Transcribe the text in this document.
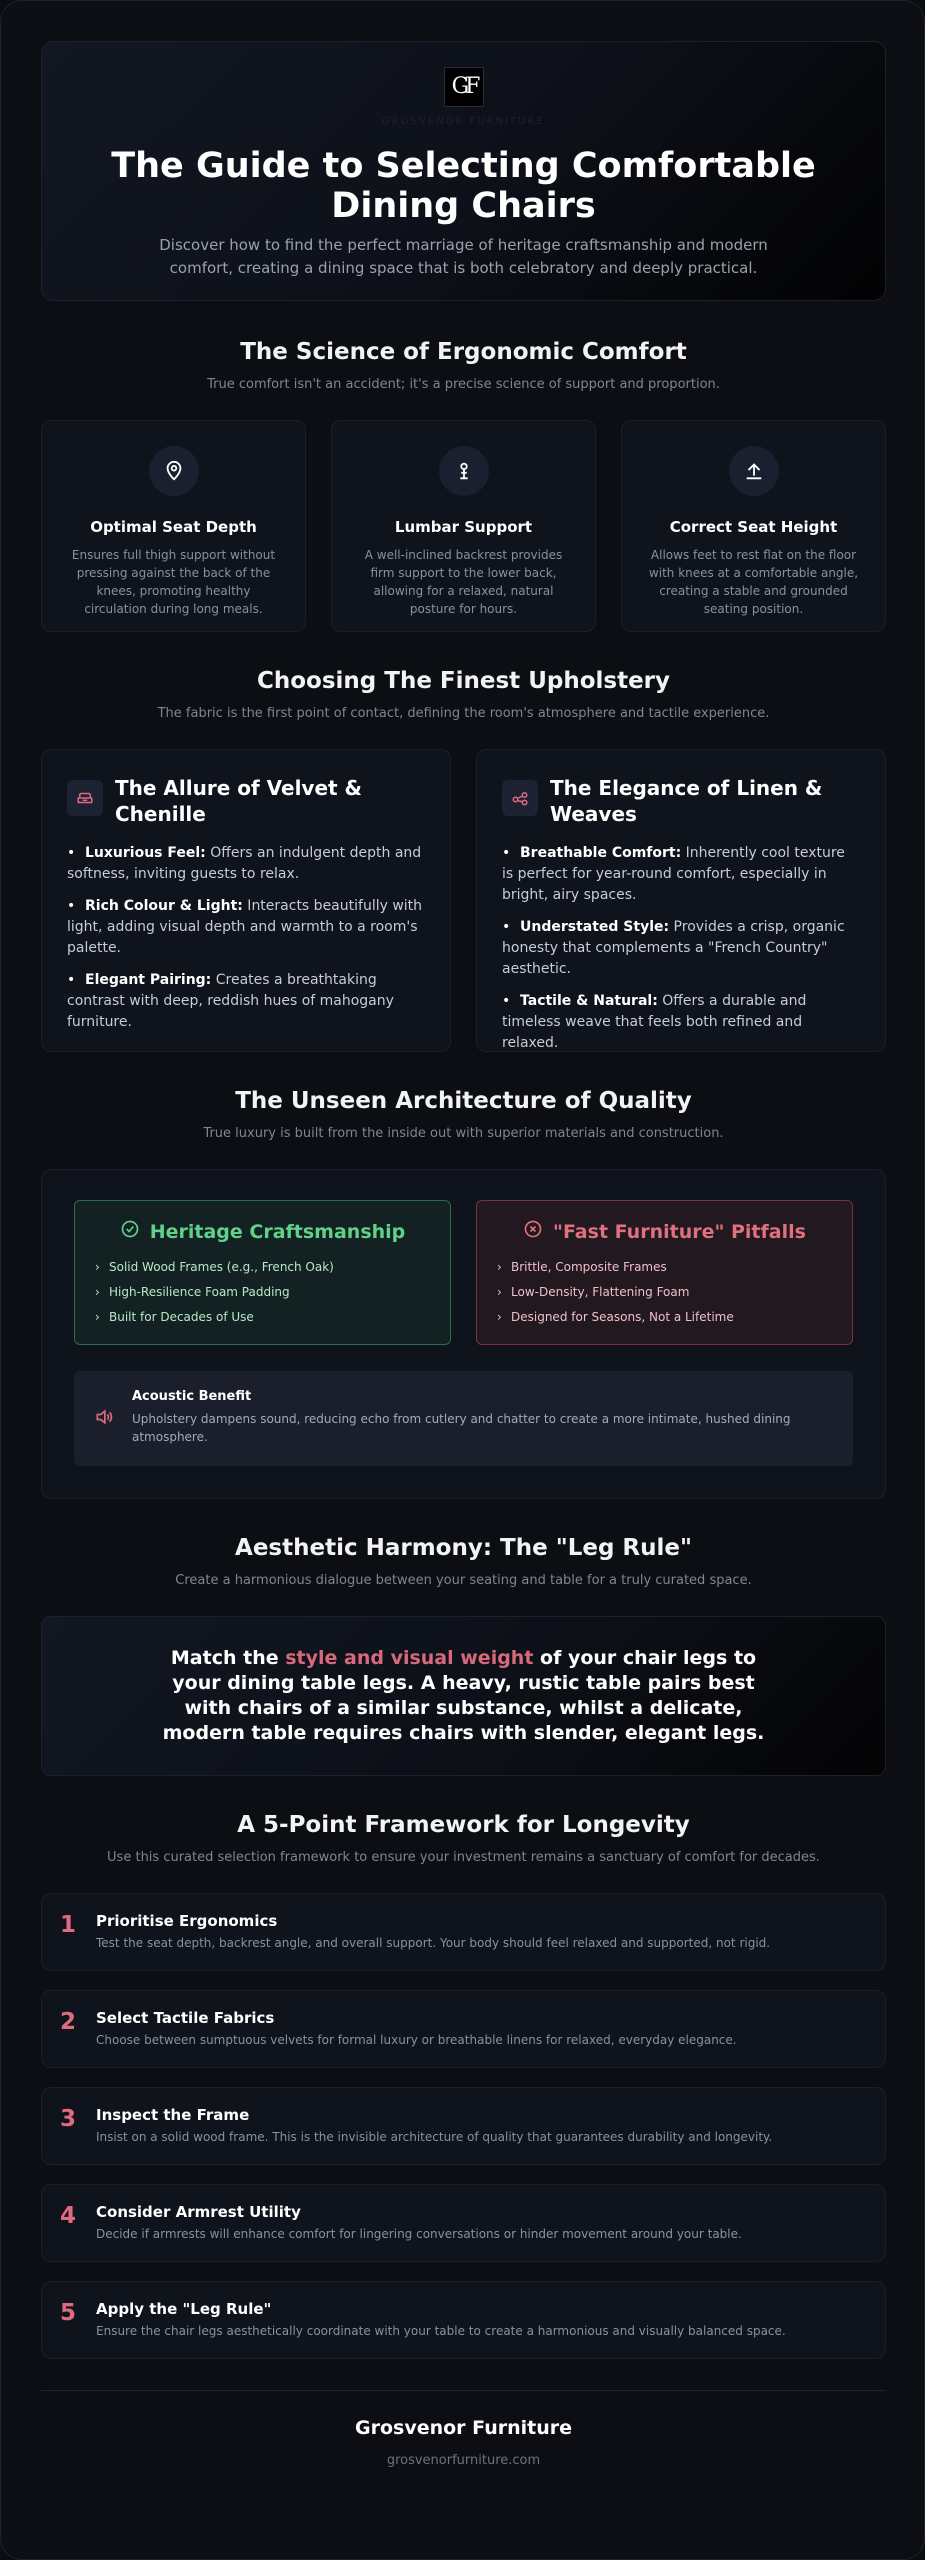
GF
GROSVENOR FURNITURE
The Guide to Selecting Comfortable Dining Chairs

Discover how to find the perfect marriage of heritage craftsmanship and modern comfort, creating a dining space that is both celebratory and deeply practical.

The Science of Ergonomic Comfort

True comfort isn't an accident; it's a precise science of support and proportion.

Optimal Seat Depth

Ensures full thigh support without pressing against the back of the knees, promoting healthy circulation during long meals.

Lumbar Support

A well-inclined backrest provides firm support to the lower back, allowing for a relaxed, natural posture for hours.

Correct Seat Height

Allows feet to rest flat on the floor with knees at a comfortable angle, creating a stable and grounded seating position.

Choosing The Finest Upholstery

The fabric is the first point of contact, defining the room's atmosphere and tactile experience.

The Allure of Velvet & Chenille
• Luxurious Feel: Offers an indulgent depth and softness, inviting guests to relax.
• Rich Colour & Light: Interacts beautifully with light, adding visual depth and warmth to a room's palette.
• Elegant Pairing: Creates a breathtaking contrast with deep, reddish hues of mahogany furniture.
The Elegance of Linen & Weaves
• Breathable Comfort: Inherently cool texture is perfect for year-round comfort, especially in bright, airy spaces.
• Understated Style: Provides a crisp, organic honesty that complements a "French Country" aesthetic.
• Tactile & Natural: Offers a durable and timeless weave that feels both refined and relaxed.
The Unseen Architecture of Quality

True luxury is built from the inside out with superior materials and construction.

Heritage Craftsmanship
› Solid Wood Frames (e.g., French Oak)
› High-Resilience Foam Padding
› Built for Decades of Use
"Fast Furniture" Pitfalls
› Brittle, Composite Frames
› Low-Density, Flattening Foam
› Designed for Seasons, Not a Lifetime
Acoustic Benefit

Upholstery dampens sound, reducing echo from cutlery and chatter to create a more intimate, hushed dining atmosphere.

Aesthetic Harmony: The "Leg Rule"

Create a harmonious dialogue between your seating and table for a truly curated space.

Match the style and visual weight of your chair legs to your dining table legs. A heavy, rustic table pairs best with chairs of a similar substance, whilst a delicate, modern table requires chairs with slender, elegant legs.

A 5-Point Framework for Longevity

Use this curated selection framework to ensure your investment remains a sanctuary of comfort for decades.

1	Prioritise Ergonomics

Test the seat depth, backrest angle, and overall support. Your body should feel relaxed and supported, not rigid.

2	Select Tactile Fabrics

Choose between sumptuous velvets for formal luxury or breathable linens for relaxed, everyday elegance.

3	Inspect the Frame

Insist on a solid wood frame. This is the invisible architecture of quality that guarantees durability and longevity.

4	Consider Armrest Utility

Decide if armrests will enhance comfort for lingering conversations or hinder movement around your table.

5	Apply the "Leg Rule"

Ensure the chair legs aesthetically coordinate with your table to create a harmonious and visually balanced space.

Grosvenor Furniture
grosvenorfurniture.com
